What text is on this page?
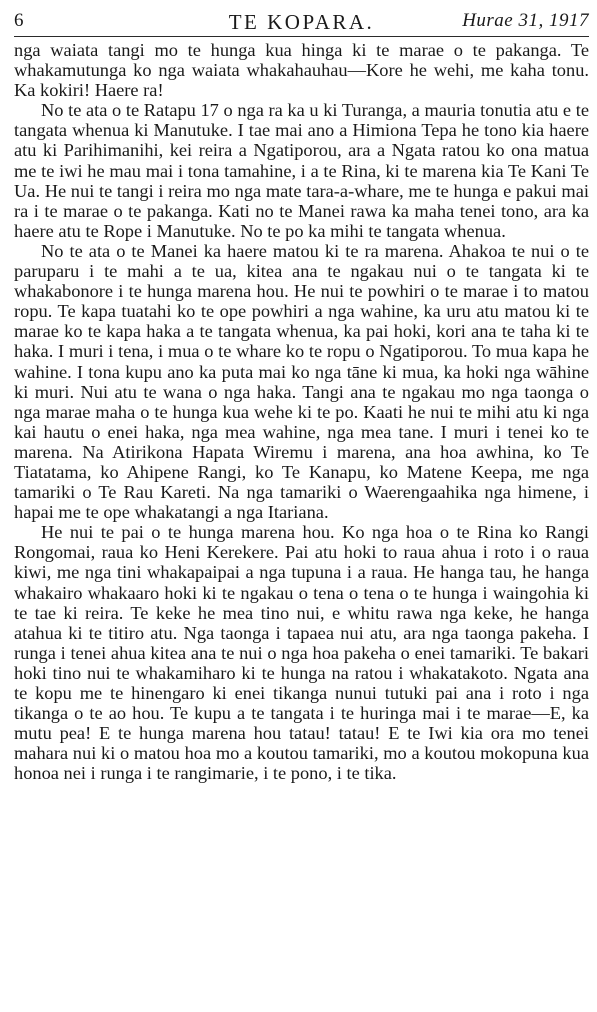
6	TE KOPARA.	Hurae 31, 1917

nga waiata tangi mo te hunga kua hinga ki te marae o te pakanga. Te whakamutunga ko nga waiata whakahauhau—Kore he wehi, me kaha tonu. Ka kokiri! Haere ra!

No te ata o te Ratapu 17 o nga ra ka u ki Turanga, a mauria tonutia atu e te tangata whenua ki Manutuke. I tae mai ano a Himiona Tepa he tono kia haere atu ki Parihimanihi, kei reira a Ngatiporou, ara a Ngata ratou ko ona matua me te iwi he mau mai i tona tamahine, i a te Rina, ki te marena kia Te Kani Te Ua. He nui te tangi i reira mo nga mate tara-a-whare, me te hunga e pakui mai ra i te marae o te pakanga. Kati no te Manei rawa ka maha tenei tono, ara ka haere atu te Rope i Manutuke. No te po ka mihi te tangata whenua.

No te ata o te Manei ka haere matou ki te ra marena. Ahakoa te nui o te paruparu i te mahi a te ua, kitea ana te ngakau nui o te tangata ki te whakabonore i te hunga marena hou. He nui te powhiri o te marae i to matou ropu. Te kapa tuatahi ko te ope powhiri a nga wahine, ka uru atu matou ki te marae ko te kapa haka a te tangata whenua, ka pai hoki, kori ana te taha ki te haka. I muri i tena, i mua o te whare ko te ropu o Ngatiporou. To mua kapa he wahine. I tona kupu ano ka puta mai ko nga tāne ki mua, ka hoki nga wāhine ki muri. Nui atu te wana o nga haka. Tangi ana te ngakau mo nga taonga o nga marae maha o te hunga kua wehe ki te po. Kaati he nui te mihi atu ki nga kai hautu o enei haka, nga mea wahine, nga mea tane. I muri i tenei ko te marena. Na Atirikona Hapata Wiremu i marena, ana hoa awhina, ko Te Tiatatama, ko Ahipene Rangi, ko Te Kanapu, ko Matene Keepa, me nga tamariki o Te Rau Kareti. Na nga tamariki o Waerengaahika nga himene, i hapai me te ope whakatangi a nga Itariana.

He nui te pai o te hunga marena hou. Ko nga hoa o te Rina ko Rangi Rongomai, raua ko Heni Kerekere. Pai atu hoki to raua ahua i roto i o raua kiwi, me nga tini whakapaipai a nga tupuna i a raua. He hanga tau, he hanga whakairo whakaaro hoki ki te ngakau o tena o tena o te hunga i waingohia ki te tae ki reira. Te keke he mea tino nui, e whitu rawa nga keke, he hanga atahua ki te titiro atu. Nga taonga i tapaea nui atu, ara nga taonga pakeha. I runga i tenei ahua kitea ana te nui o nga hoa pakeha o enei tamariki. Te bakari hoki tino nui te whakamiharo ki te hunga na ratou i whakatakoto. Ngata ana te kopu me te hinengaro ki enei tikanga nunui tutuki pai ana i roto i nga tikanga o te ao hou. Te kupu a te tangata i te huringa mai i te marae—E, ka mutu pea! E te hunga marena hou tatau! tatau! E te Iwi kia ora mo tenei mahara nui ki o matou hoa mo a koutou tamariki, mo a koutou mokopuna kua honoa nei i runga i te rangimarie, i te pono, i te tika.
